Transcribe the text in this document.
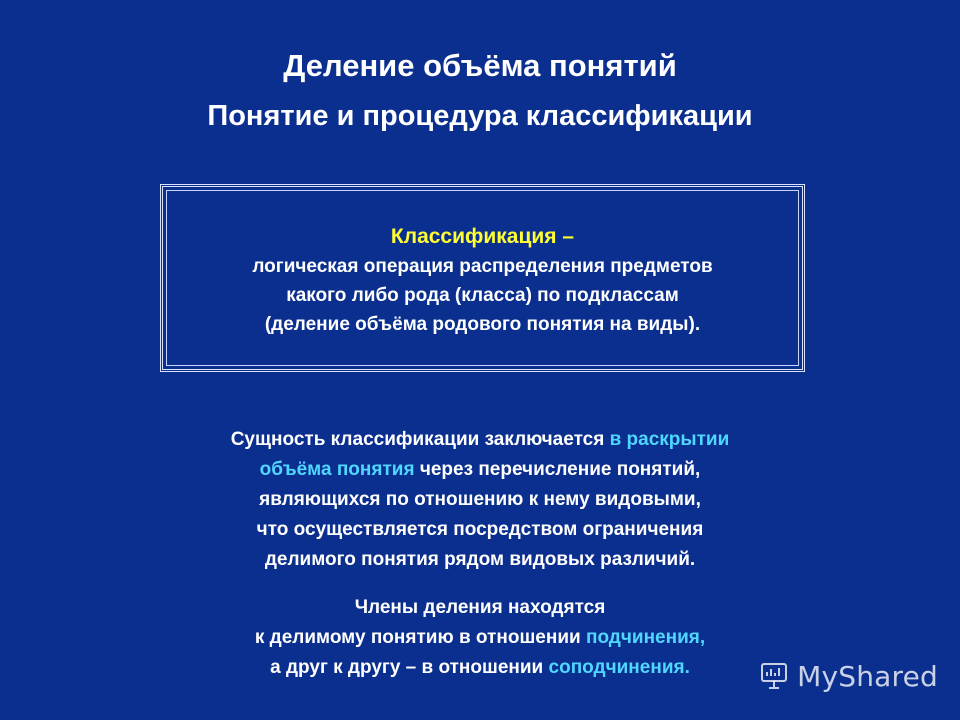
Деление объёма понятий
Понятие и процедура классификации
Классификация –
логическая операция распределения предметов
какого либо рода (класса) по подклассам
(деление объёма родового понятия на виды).
Сущность классификации заключается в раскрытии
объёма понятия через перечисление понятий,
являющихся по отношению к нему видовыми,
что осуществляется посредством ограничения
делимого понятия рядом видовых различий.
Члены деления находятся
к делимому понятию в отношении подчинения,
а друг к другу – в отношении соподчинения.	MyShared
